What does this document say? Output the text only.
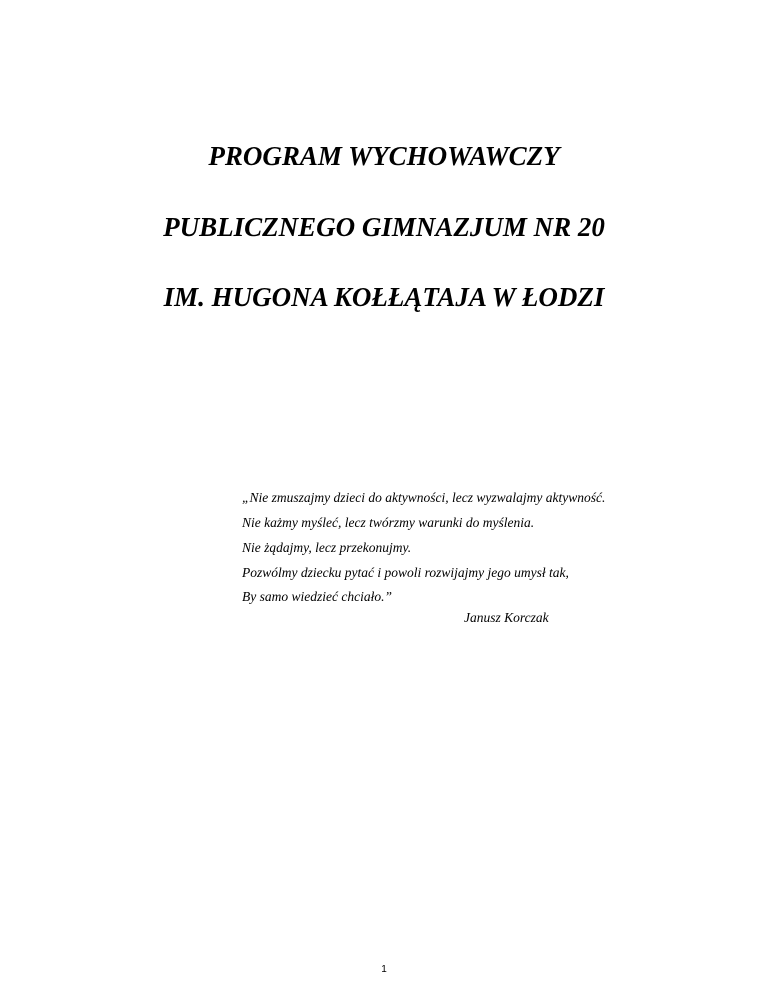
PROGRAM WYCHOWAWCZY
PUBLICZNEGO GIMNAZJUM NR 20
IM. HUGONA KOŁŁĄTAJA W ŁODZI
„Nie zmuszajmy dzieci do aktywności, lecz wyzwalajmy aktywność.
Nie każmy myśleć, lecz twórzmy warunki do myślenia.
Nie żądajmy, lecz przekonujmy.
Pozwólmy dziecku pytać i powoli rozwijajmy jego umysł tak,
By samo wiedzieć chciało.”
Janusz Korczak
1
